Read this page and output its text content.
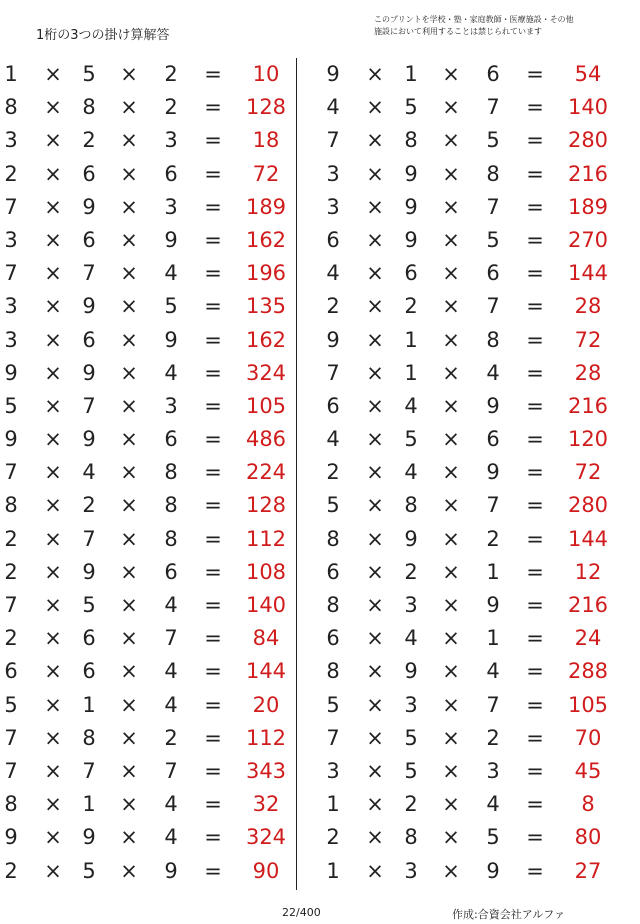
1桁の3つの掛け算解答
このプリントを学校・塾・家庭教師・医療施設・その他
施設において利用することは禁じられています
1 × 5 × 2 =	10
8 × 8 × 2 =	128
3 × 2 × 3 =	18
2 × 6 × 6 =	72
7 × 9 × 3 =	189
3 × 6 × 9 =	162
7 × 7 × 4 =	196
3 × 9 × 5 =	135
3 × 6 × 9 =	162
9 × 9 × 4 =	324
5 × 7 × 3 =	105
9 × 9 × 6 =	486
7 × 4 × 8 =	224
8 × 2 × 8 =	128
2 × 7 × 8 =	112
2 × 9 × 6 =	108
7 × 5 × 4 =	140
2 × 6 × 7 =	84
6 × 6 × 4 =	144
5 × 1 × 4 =	20
7 × 8 × 2 =	112
7 × 7 × 7 =	343
8 × 1 × 4 =	32
9 × 9 × 4 =	324
2 × 5 × 9 =	90
9 × 1 × 6 =	54
4 × 5 × 7 =	140
7 × 8 × 5 =	280
3 × 9 × 8 =	216
3 × 9 × 7 =	189
6 × 9 × 5 =	270
4 × 6 × 6 =	144
2 × 2 × 7 =	28
9 × 1 × 8 =	72
7 × 1 × 4 =	28
6 × 4 × 9 =	216
4 × 5 × 6 =	120
2 × 4 × 9 =	72
5 × 8 × 7 =	280
8 × 9 × 2 =	144
6 × 2 × 1 =	12
8 × 3 × 9 =	216
6 × 4 × 1 =	24
8 × 9 × 4 =	288
5 × 3 × 7 =	105
7 × 5 × 2 =	70
3 × 5 × 3 =	45
1 × 2 × 4 =	8
2 × 8 × 5 =	80
1 × 3 × 9 =	27
22/400	作成:合資会社アルファ
